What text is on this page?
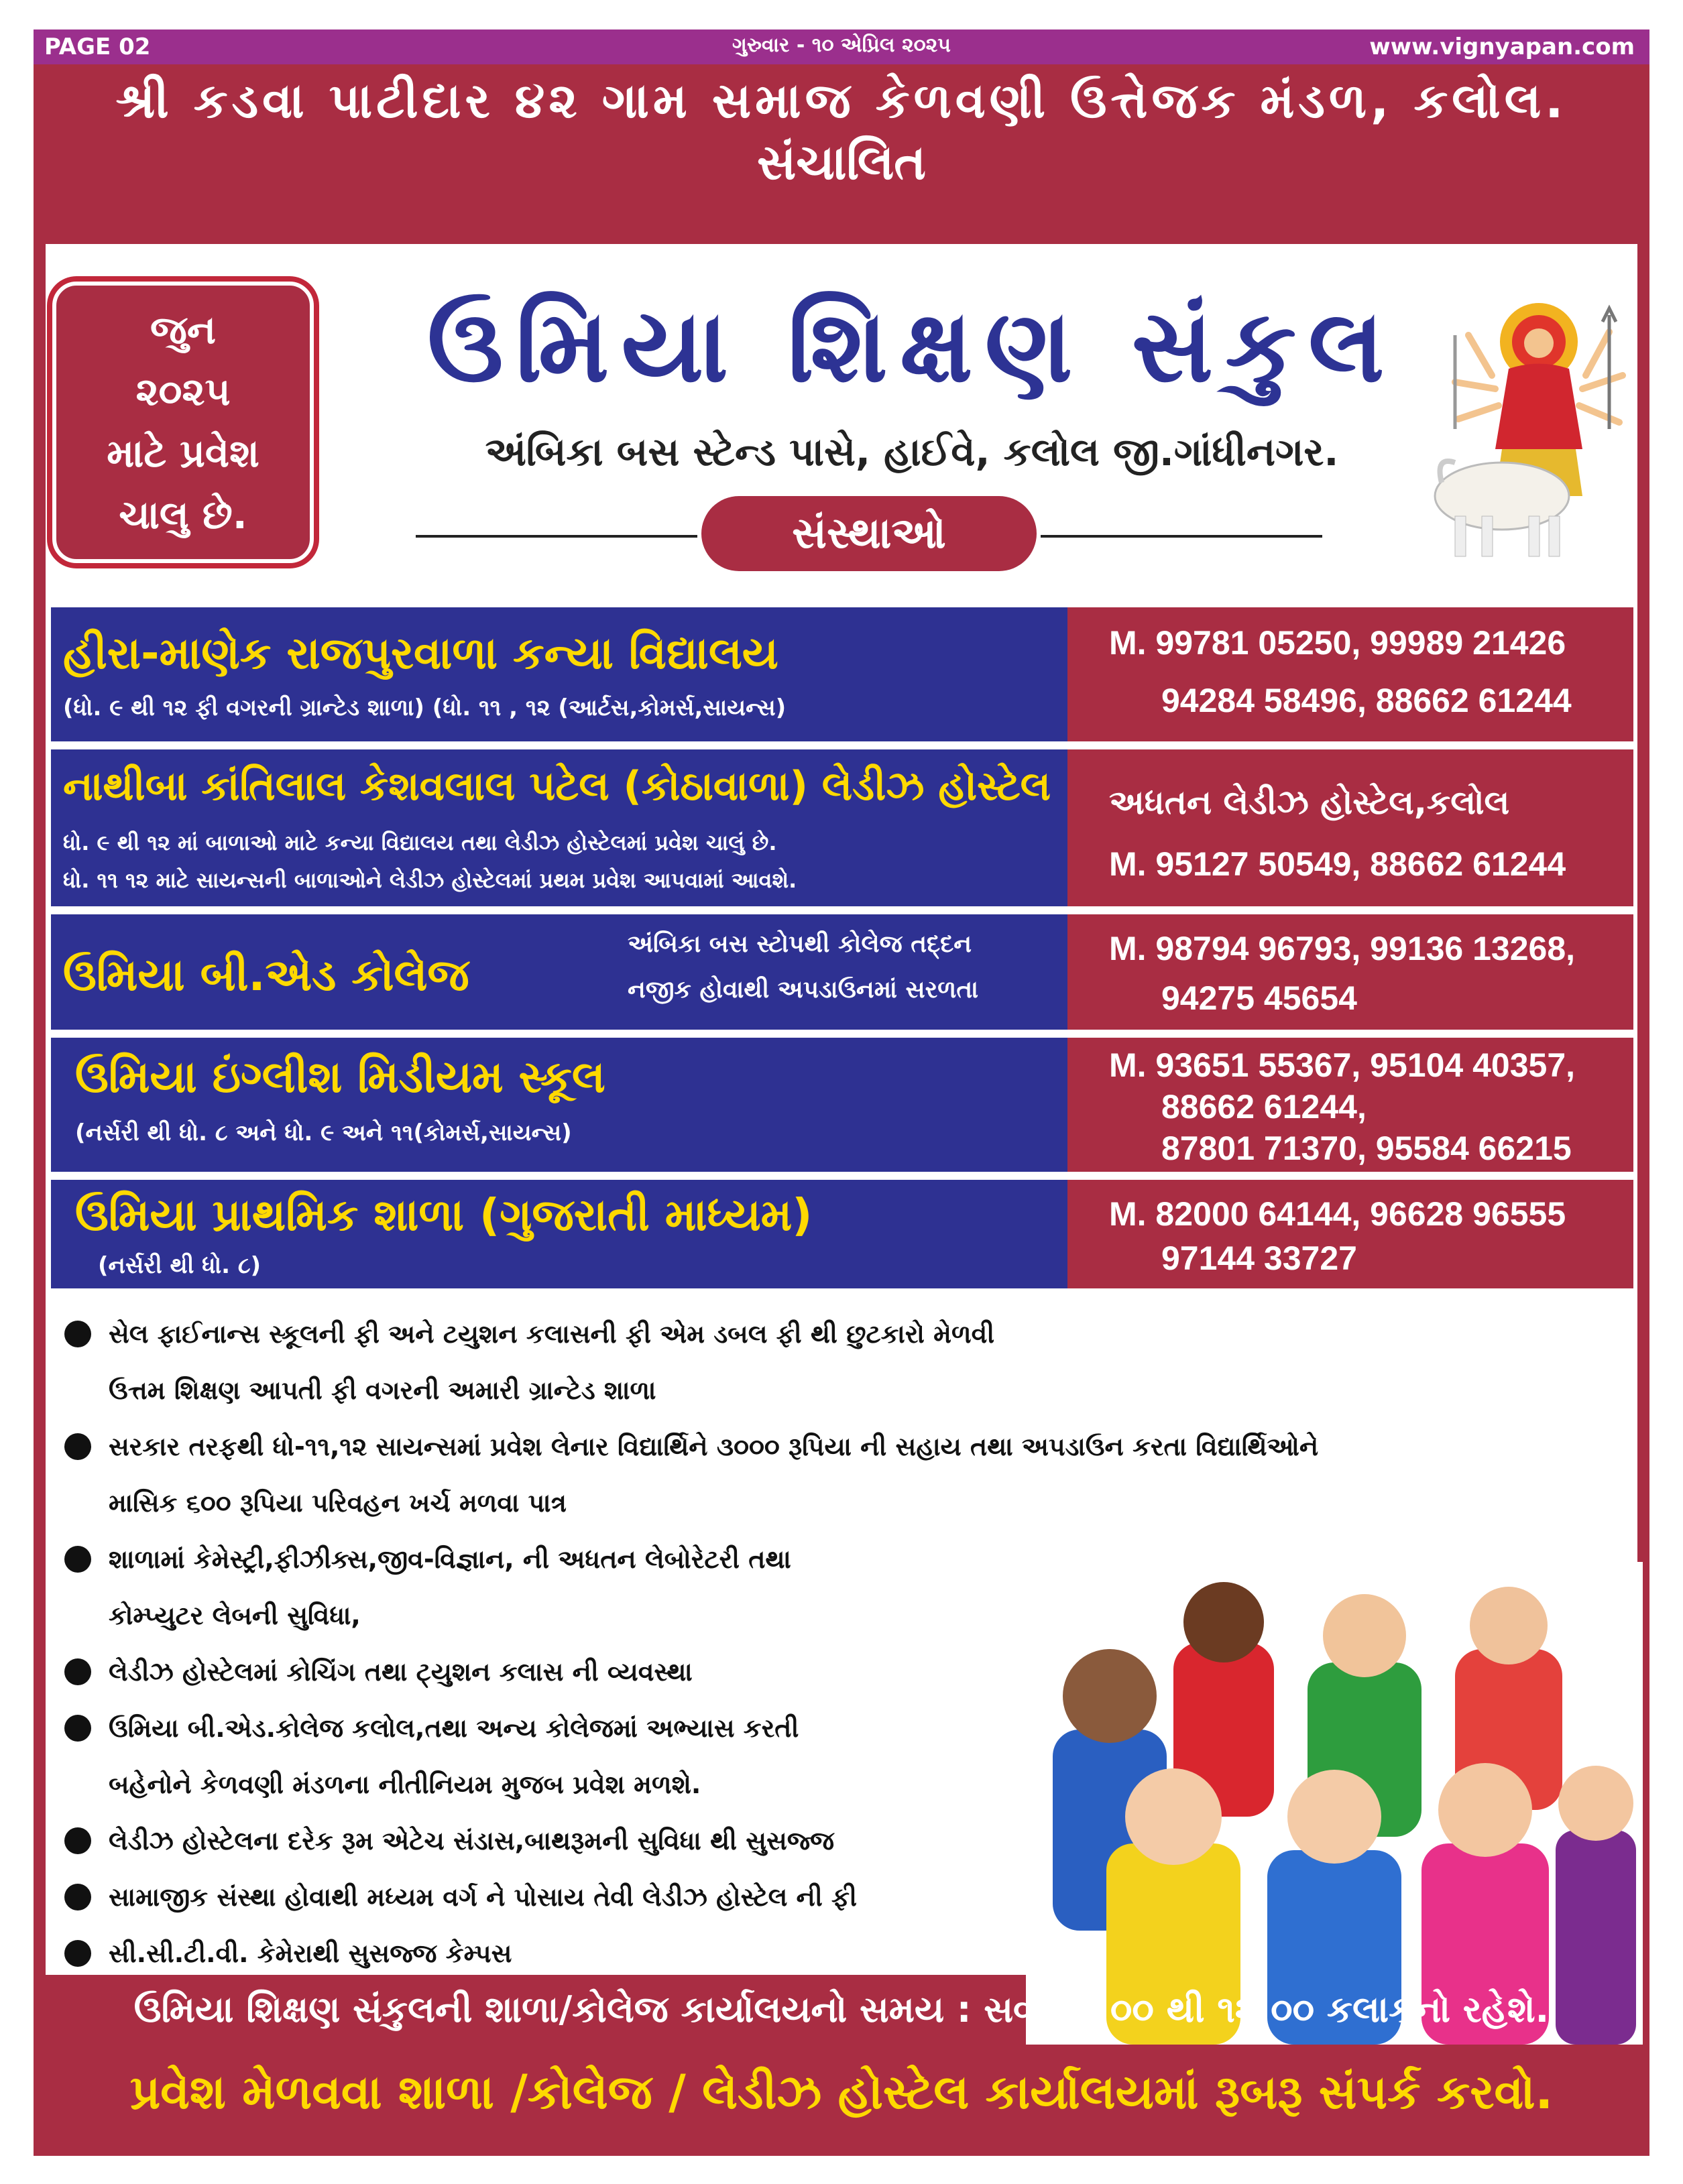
PAGE 02	ગુરુવાર - ૧૦ એપ્રિલ ૨૦૨૫	www.vignyapan.com
શ્રી કડવા પાટીદાર ૪૨ ગામ સમાજ કેળવણી ઉત્તેજક મંડળ, કલોલ.
સંચાલિત
જુન
૨૦૨૫
માટે પ્રવેશ
ચાલુ છે.
ઉમિયા શિક્ષણ સંકુલ
અંબિકા બસ સ્ટેન્ડ પાસે, હાઈવે, કલોલ જી.ગાંધીનગર.
સંસ્થાઓ
હીરા-માણેક રાજપુરવાળા કન્યા વિદ્યાલય
(ધો. ૯ થી ૧૨ ફી વગરની ગ્રાન્ટેડ શાળા) (ધો. ૧૧ , ૧૨ (આર્ટસ,કોમર્સ,સાયન્સ)
M. 99781 05250, 99989 21426
94284 58496, 88662 61244
નાથીબા કાંતિલાલ કેશવલાલ પટેલ (કોઠાવાળા) લેડીઝ હોસ્ટેલ
ધો. ૯ થી ૧૨ માં બાળાઓ માટે કન્યા વિદ્યાલય તથા લેડીઝ હોસ્ટેલમાં પ્રવેશ ચાલું છે.
ધો. ૧૧ ૧૨ માટે સાયન્સની બાળાઓને લેડીઝ હોસ્ટેલમાં પ્રથમ પ્રવેશ આપવામાં આવશે.
અધતન લેડીઝ હોસ્ટેલ,કલોલ
M. 95127 50549, 88662 61244
ઉમિયા બી.એડ કોલેજ
અંબિકા બસ સ્ટોપથી કોલેજ તદ્દન
નજીક હોવાથી અપડાઉનમાં સરળતા
M. 98794 96793, 99136 13268,
94275 45654
ઉમિયા ઇંગ્લીશ મિડીયમ સ્કૂલ
(નર્સરી થી ધો. ૮ અને ધો. ૯ અને ૧૧(કોમર્સ,સાયન્સ)
M. 93651 55367, 95104 40357,
88662 61244,
87801 71370, 95584 66215
ઉમિયા પ્રાથમિક શાળા (ગુજરાતી માધ્યમ)
(નર્સરી થી ધો. ૮)
M. 82000 64144, 96628 96555
97144 33727
સેલ ફાઈનાન્સ સ્કૂલની ફી અને ટયુશન કલાસની ફી એમ ડબલ ફી થી છુટકારો મેળવી
ઉત્તમ શિક્ષણ આપતી ફી વગરની અમારી ગ્રાન્ટેડ શાળા
સરકાર તરફથી ધો-૧૧,૧૨ સાયન્સમાં પ્રવેશ લેનાર વિદ્યાર્થિને ૩૦૦૦ રૂપિયા ની સહાય તથા અપડાઉન કરતા વિદ્યાર્થિઓને
માસિક ૬૦૦ રૂપિયા પરિવહન ખર્ચ મળવા પાત્ર
શાળામાં કેમેસ્ટ્રી,ફીઝીક્સ,જીવ-વિજ્ઞાન, ની અધતન લેબોરેટરી તથા
કોમ્પ્યુટર લેબની સુવિધા,
લેડીઝ હોસ્ટેલમાં કોચિંગ તથા ટ્યુશન કલાસ ની વ્યવસ્થા
ઉમિયા બી.એડ.કોલેજ કલોલ,તથા અન્ય કોલેજમાં અભ્યાસ કરતી
બહેનોને કેળવણી મંડળના નીતીનિયમ મુજબ પ્રવેશ મળશે.
લેડીઝ હોસ્ટેલના દરેક રૂમ એટેચ સંડાસ,બાથરૂમની સુવિધા થી સુસજ્જ
સામાજીક સંસ્થા હોવાથી મધ્યમ વર્ગ ને પોસાય તેવી લેડીઝ હોસ્ટેલ ની ફી
સી.સી.ટી.વી. કેમેરાથી સુસજ્જ કેમ્પસ
ઉમિયા શિક્ષણ સંકુલની શાળા/કોલેજ કાર્યાલયનો સમય : સવારે ૮:૦૦ થી ૧૨:૦૦ કલાકનો રહેશે.
પ્રવેશ મેળવવા શાળા /કોલેજ / લેડીઝ હોસ્ટેલ કાર્યાલયમાં રૂબરૂ સંપર્ક કરવો.
